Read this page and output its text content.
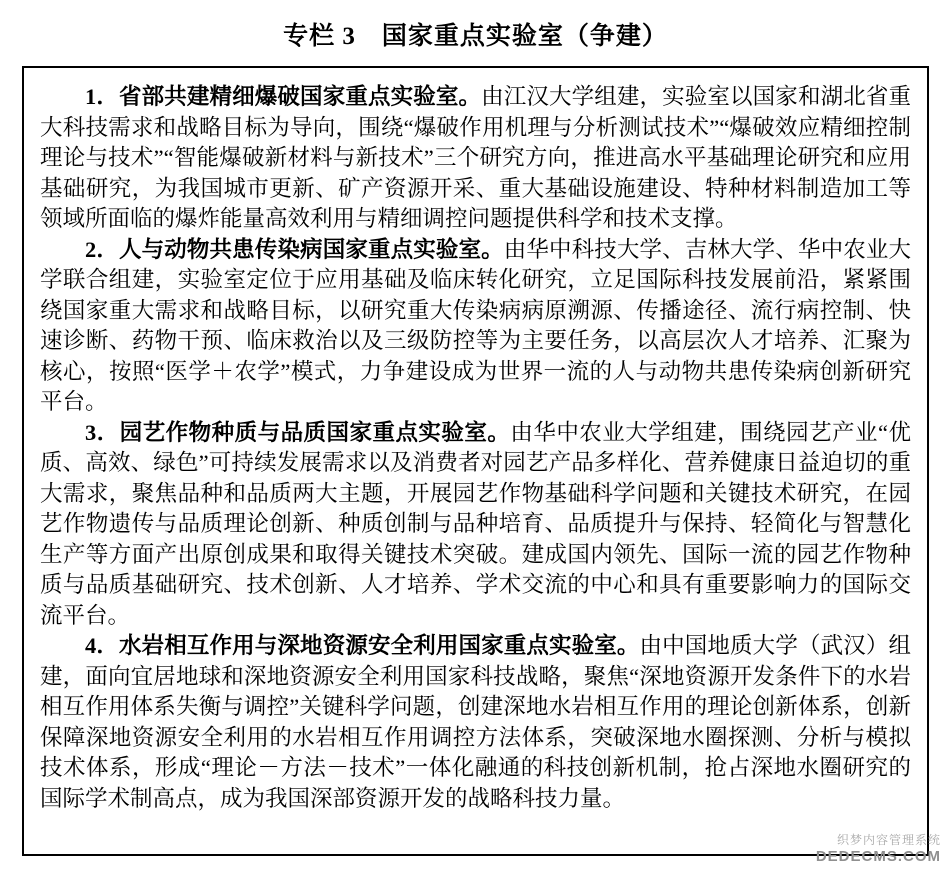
专栏 3　国家重点实验室（争建）

1．省部共建精细爆破国家重点实验室。由江汉大学组建，实验室以国家和湖北省重大科技需求和战略目标为导向，围绕“爆破作用机理与分析测试技术”“爆破效应精细控制理论与技术”“智能爆破新材料与新技术”三个研究方向，推进高水平基础理论研究和应用基础研究，为我国城市更新、矿产资源开采、重大基础设施建设、特种材料制造加工等领域所面临的爆炸能量高效利用与精细调控问题提供科学和技术支撑。

2．人与动物共患传染病国家重点实验室。由华中科技大学、吉林大学、华中农业大学联合组建，实验室定位于应用基础及临床转化研究，立足国际科技发展前沿，紧紧围绕国家重大需求和战略目标，以研究重大传染病病原溯源、传播途径、流行病控制、快速诊断、药物干预、临床救治以及三级防控等为主要任务，以高层次人才培养、汇聚为核心，按照“医学＋农学”模式，力争建设成为世界一流的人与动物共患传染病创新研究平台。

3．园艺作物种质与品质国家重点实验室。由华中农业大学组建，围绕园艺产业“优质、高效、绿色”可持续发展需求以及消费者对园艺产品多样化、营养健康日益迫切的重大需求，聚焦品种和品质两大主题，开展园艺作物基础科学问题和关键技术研究，在园艺作物遗传与品质理论创新、种质创制与品种培育、品质提升与保持、轻简化与智慧化生产等方面产出原创成果和取得关键技术突破。建成国内领先、国际一流的园艺作物种质与品质基础研究、技术创新、人才培养、学术交流的中心和具有重要影响力的国际交流平台。

4．水岩相互作用与深地资源安全利用国家重点实验室。由中国地质大学（武汉）组建，面向宜居地球和深地资源安全利用国家科技战略，聚焦“深地资源开发条件下的水岩相互作用体系失衡与调控”关键科学问题，创建深地水岩相互作用的理论创新体系，创新保障深地资源安全利用的水岩相互作用调控方法体系，突破深地水圈探测、分析与模拟技术体系，形成“理论－方法－技术”一体化融通的科技创新机制，抢占深地水圈研究的国际学术制高点，成为我国深部资源开发的战略科技力量。

织梦内容管理系统
DEDECMS.COM
